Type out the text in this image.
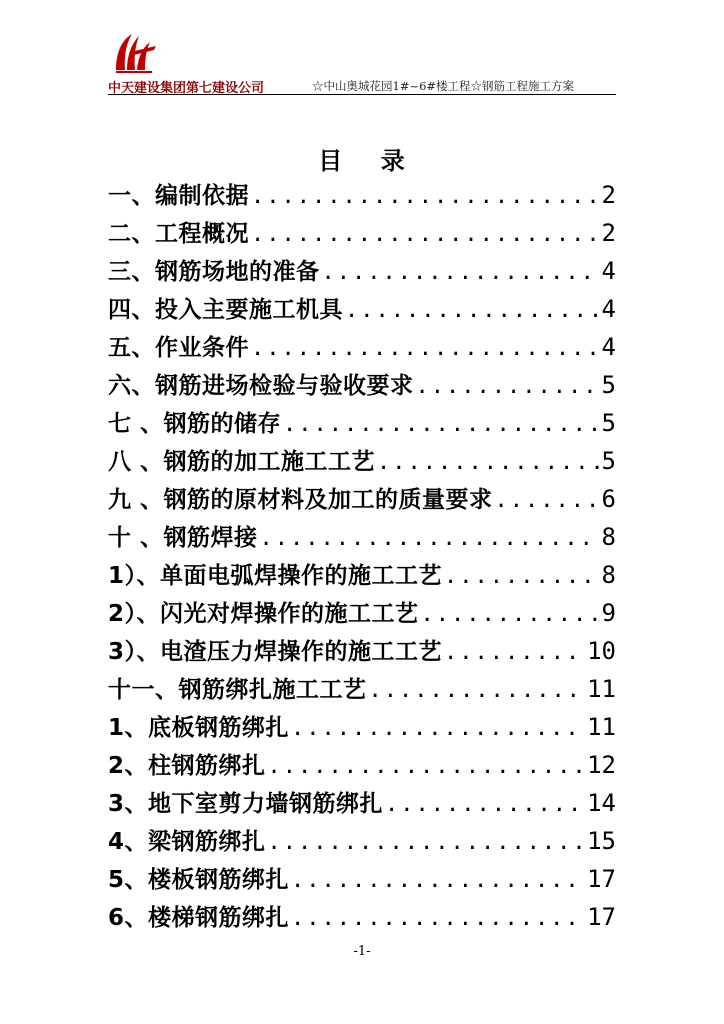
中天建设集团第七建设公司	☆中山奥城花园1#~6#楼工程☆钢筋工程施工方案
目    录
一、编制依据 .....	2
二、工程概况 .....	2
三、钢筋场地的准备 .....	4
四、投入主要施工机具 .....	4
五、作业条件 .....	4
六、钢筋进场检验与验收要求 .....	5
七 、钢筋的储存 .....	5
八 、钢筋的加工施工工艺 .....	5
九 、钢筋的原材料及加工的质量要求 .....	6
十 、钢筋焊接 .....	8
1）、单面电弧焊操作的施工工艺 .....	8
2）、闪光对焊操作的施工工艺 .....	9
3）、电渣压力焊操作的施工工艺 .....	10
十一、钢筋绑扎施工工艺 .....	11
1、底板钢筋绑扎 .....	11
2、柱钢筋绑扎 .....	12
3、地下室剪力墙钢筋绑扎 .....	14
4、梁钢筋绑扎 .....	15
5、楼板钢筋绑扎 .....	17
6、楼梯钢筋绑扎 .....	17
-1-
